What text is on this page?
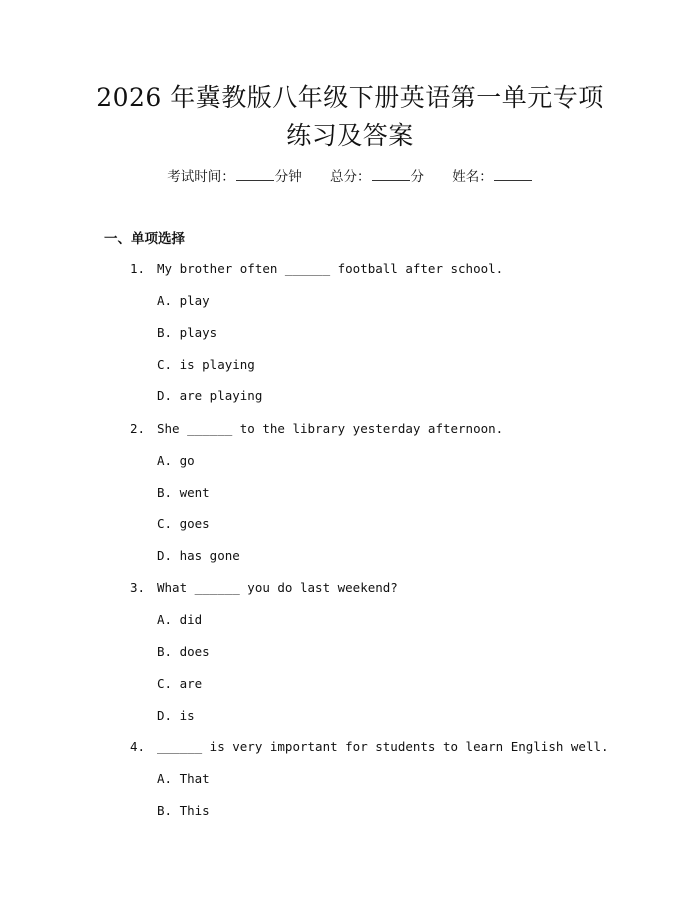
2026 年冀教版八年级下册英语第一单元专项
练习及答案
考试时间：	分钟 总分：	分 姓名：
一、单项选择
1. My brother often ______ football after school.
A. play
B. plays
C. is playing
D. are playing
2. She ______ to the library yesterday afternoon.
A. go
B. went
C. goes
D. has gone
3. What ______ you do last weekend?
A. did
B. does
C. are
D. is
4. ______ is very important for students to learn English well.
A. That
B. This
